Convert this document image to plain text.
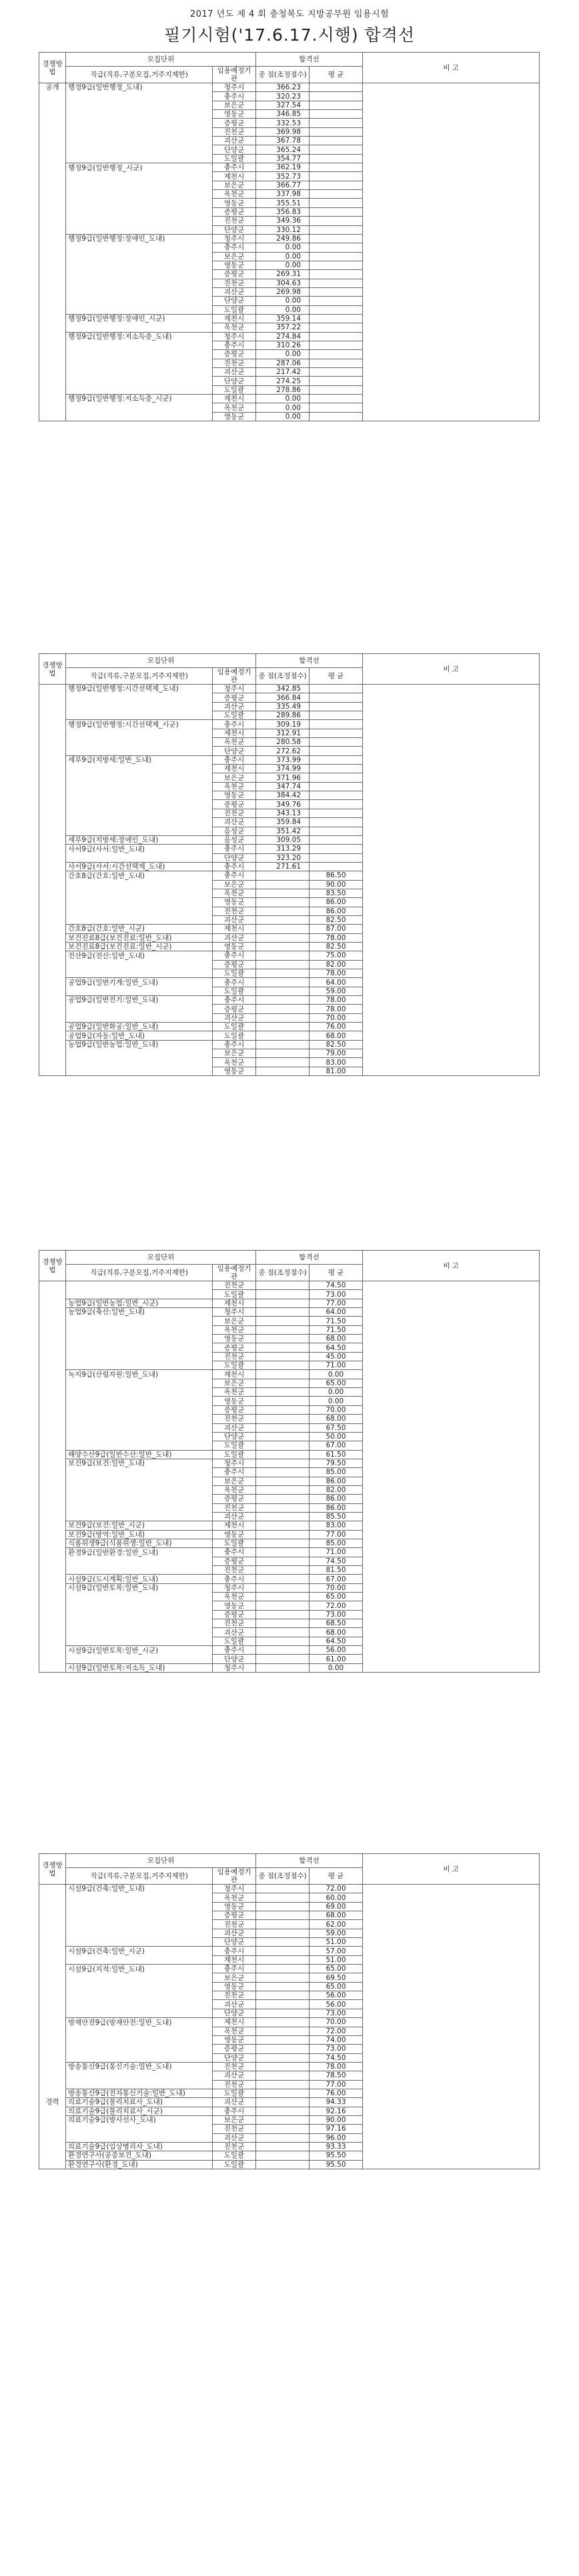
2017 년도 제 4 회 충청북도 지방공무원 임용시험
필기시험('17.6.17.시행) 합격선
경쟁방법	모집단위		합격선		비 고
	직급(직류,구분모집,거주지제한)	임용예정기관	종 점(조정점수)	평 균	
공개	행정9급(일반행정_도내)	청주시	366.23		
		충주시	320.23		
		보은군	327.54		
		영동군	346.85		
		증평군	332.53		
		진천군	369.98		
		괴산군	367.78		
		단양군	365.24		
		도일괄	354.77		
	행정9급(일반행정_시군)	충주시	362.19		
		제천시	352.73		
		보은군	366.77		
		옥천군	337.98		
		영동군	355.51		
		증평군	356.83		
		진천군	349.36		
		단양군	330.12		
	행정9급(일반행정:장애인_도내)	청주시	249.86		
		충주시	0.00		
		보은군	0.00		
		영동군	0.00		
		증평군	269.31		
		진천군	304.63		
		괴산군	269.98		
		단양군	0.00		
		도일괄	0.00		
	행정9급(일반행정:장애인_시군)	제천시	359.14		
		옥천군	357.22		
	행정9급(일반행정:저소득층_도내)	청주시	274.84		
		충주시	310.26		
		증평군	0.00		
		진천군	287.06		
		괴산군	217.42		
		단양군	274.25		
		도일괄	278.86		
	행정9급(일반행정:저소득층_시군)	제천시	0.00		
		옥천군	0.00		
		영동군	0.00		
경쟁방법	모집단위		합격선		비 고
	직급(직류,구분모집,거주지제한)	임용예정기관	종 점(조정점수)	평 균	
	행정9급(일반행정:시간선택제_도내)	청주시	342.85		
		증평군	366.84		
		괴산군	335.49		
		도일괄	289.86		
	행정9급(일반행정:시간선택제_시군)	충주시	309.19		
		제천시	312.91		
		옥천군	280.58		
		단양군	272.62		
	세무9급(지방세:일반_도내)	충주시	373.99		
		제천시	374.99		
		보은군	371.96		
		옥천군	347.74		
		영동군	384.42		
		증평군	349.76		
		진천군	343.13		
		괴산군	359.84		
		음성군	351.42		
	세무9급(지방세:장애인_도내)	음성군	309.05		
	사서9급(사서:일반_도내)	충주시	313.29		
		단양군	323.20		
	사서9급(사서:시간선택제_도내)	충주시	271.61		
	간호8급(간호:일반_도내)	충주시		86.50	
		보은군		90.00	
		옥천군		83.50	
		영동군		86.00	
		진천군		86.00	
		괴산군		82.50	
	간호8급(간호:일반_시군)	제천시		87.00	
	보건진료8급(보건진료:일반_도내)	괴산군		78.00	
	보건진료8급(보건진료:일반_시군)	영동군		82.50	
	전산9급(전산:일반_도내)	충주시		75.00	
		증평군		82.00	
		도일괄		78.00	
	공업9급(일반기계:일반_도내)	충주시		64.00	
		도일괄		59.00	
	공업9급(일반전기:일반_도내)	충주시		78.00	
		증평군		78.00	
		괴산군		70.00	
	공업9급(일반화공:일반_도내)	도일괄		76.00	
	공업9급(자동:일반_도내)	도일괄		68.00	
	농업9급(일반농업:일반_도내)	충주시		82.50	
		보은군		79.00	
		옥천군		83.00	
		영동군		81.00	
경쟁방법	모집단위		합격선		비 고
	직급(직류,구분모집,거주지제한)	임용예정기관	종 점(조정점수)	평 균	
		진천군		74.50	
		도일괄		73.00	
	농업9급(일반농업:일반_시군)	제천시		77.00	
	농업9급(축산:일반_도내)	청주시		64.00	
		보은군		71.50	
		옥천군		71.50	
		영동군		68.00	
		증평군		64.50	
		진천군		45.00	
		도일괄		71.00	
	녹지9급(산림자원:일반_도내)	제천시		0.00	
		보은군		65.00	
		옥천군		0.00	
		영동군		0.00	
		증평군		70.00	
		진천군		68.00	
		괴산군		67.50	
		단양군		50.00	
		도일괄		67.00	
	해양수산9급(일반수산:일반_도내)	도일괄		61.50	
	보건9급(보건:일반_도내)	청주시		79.50	
		충주시		85.00	
		보은군		86.00	
		옥천군		82.00	
		증평군		86.00	
		진천군		86.00	
		괴산군		85.50	
	보건9급(보건:일반_시군)	제천시		83.00	
	보건9급(방역:일반_도내)	영동군		77.00	
	식품위생9급(식품위생:일반_도내)	도일괄		85.00	
	환경9급(일반환경:일반_도내)	충주시		71.00	
		증평군		74.50	
		진천군		81.50	
	시설9급(도시계획:일반_도내)	충주시		67.00	
	시설9급(일반토목:일반_도내)	청주시		70.00	
		옥천군		65.00	
		영동군		72.00	
		증평군		73.00	
		진천군		68.50	
		괴산군		68.00	
		도일괄		64.50	
	시설9급(일반토목:일반_시군)	충주시		56.00	
		단양군		61.00	
	시설9급(일반토목:저소득_도내)	청주시		0.00	
경쟁방법	모집단위		합격선		비 고
	직급(직류,구분모집,거주지제한)	임용예정기관	종 점(조정점수)	평 균	
	시설9급(건축:일반_도내)	청주시		72.00	
		옥천군		60.00	
		영동군		69.00	
		증평군		68.00	
		진천군		62.00	
		괴산군		59.00	
		단양군		51.00	
	시설9급(건축:일반_시군)	충주시		57.00	
		제천시		51.00	
	시설9급(지적:일반_도내)	충주시		65.00	
		보은군		69.50	
		영동군		65.00	
		진천군		56.00	
		괴산군		56.00	
		단양군		73.00	
	방재안전9급(방재안전:일반_도내)	제천시		70.00	
		옥천군		72.00	
		영동군		74.00	
		증평군		73.00	
		단양군		74.50	
	방송통신9급(통신기술:일반_도내)	진천군		78.00	
		괴산군		78.50	
		진천군		77.00	
	방송통신9급(전자통신기술:일반_도내)	도일괄		76.00	
경력	의료기술9급(물리치료사_도내)	괴산군		94.33	
	의료기술9급(물리치료사_시군)	충주시		92.16	
	의료기술9급(방사선사_도내)	보은군		90.00	
		진천군		97.16	
		괴산군		96.00	
	의료기술9급(임상병리사_도내)	진천군		93.33	
	환경연구사(공중보건_도내)	도일괄		95.50	
	환경연구사(환경_도내)	도일괄		95.50	
